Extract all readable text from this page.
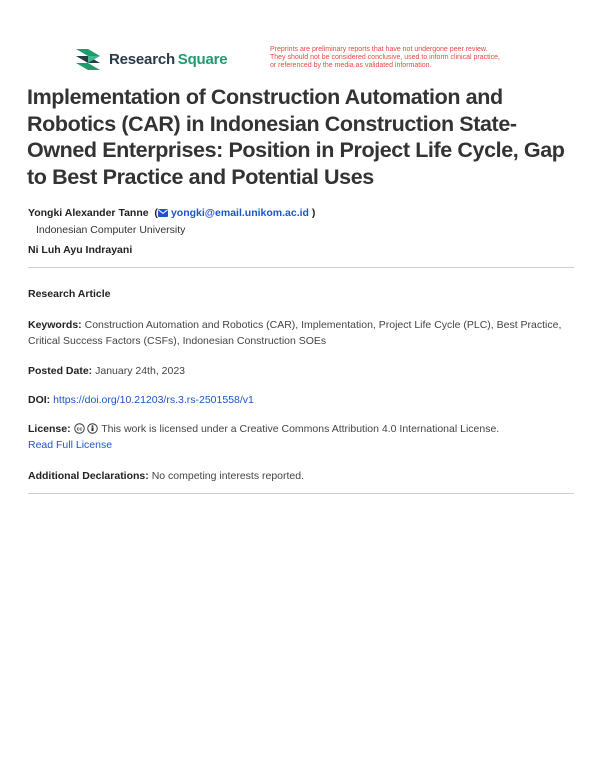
Research  Square
Preprints are preliminary reports that have not undergone peer review.
They should not be considered conclusive, used to inform clinical practice,
or referenced by the media as validated information.
Implementation of Construction Automation and Robotics (CAR) in Indonesian Construction State-Owned Enterprises: Position in Project Life Cycle, Gap to Best Practice and Potential Uses
Yongki Alexander Tanne  ( yongki@email.unikom.ac.id )
Indonesian Computer University
Ni Luh Ayu Indrayani
Research Article
Keywords: Construction Automation and Robotics (CAR), Implementation, Project Life Cycle (PLC), Best Practice, Critical Success Factors (CSFs), Indonesian Construction SOEs
Posted Date: January 24th, 2023
DOI: https://doi.org/10.21203/rs.3.rs-2501558/v1
License: cc This work is licensed under a Creative Commons Attribution 4.0 International License.
Read Full License
Additional Declarations: No competing interests reported.
